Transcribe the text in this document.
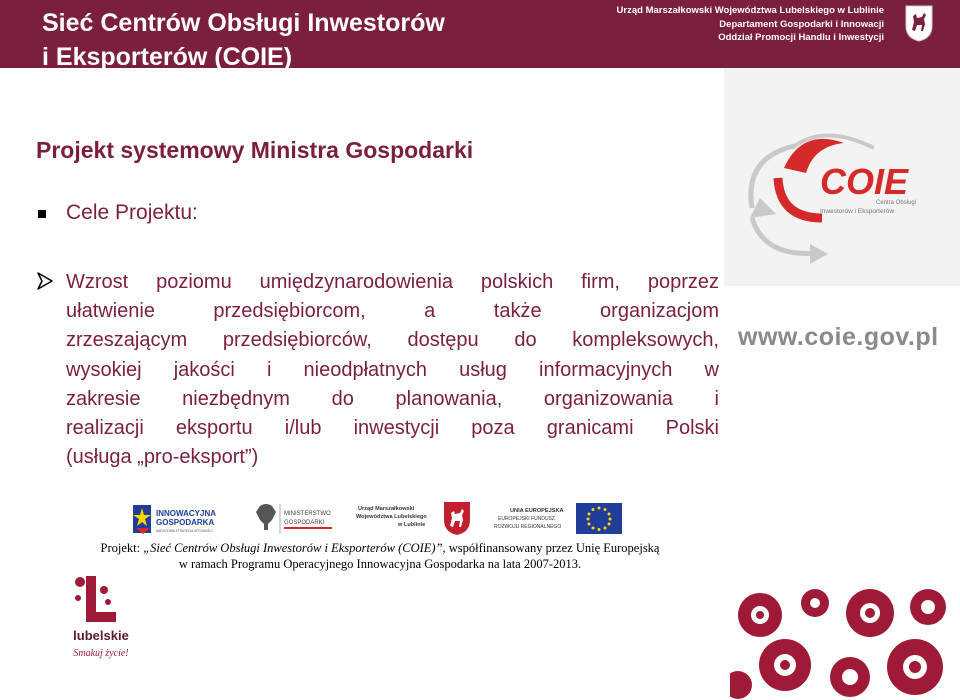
Sieć Centrów Obsługi Inwestorów
i Eksporterów (COIE)
Urząd Marszałkowski Województwa Lubelskiego w Lublinie
Departament Gospodarki i Innowacji
Oddział Promocji Handlu i Inwestycji
Projekt systemowy Ministra Gospodarki
Cele Projektu:
Wzrost poziomu umiędzynarodowienia polskich firm, poprzez
ułatwienie przedsiębiorcom, a także organizacjom
zrzeszającym przedsiębiorców, dostępu do kompleksowych,
wysokiej jakości i nieodpłatnych usług informacyjnych w
zakresie niezbędnym do planowania, organizowania i
realizacji eksportu i/lub inwestycji poza granicami Polski
(usługa „pro-eksport”)
COIE
Centra Obsługi
Inwestorów i Eksporterów
www.coie.gov.pl
INNOWACYJNA
GOSPODARKA
NARODOWA STRATEGIA SPÓJNOŚCI
MINISTERSTWO
GOSPODARKI
Urząd Marszałkowski
Województwa Lubelskiego
w Lublinie
UNIA EUROPEJSKA
EUROPEJSKI FUNDUSZ
ROZWOJU REGIONALNEGO
Projekt: „Sieć Centrów Obsługi Inwestorów i Eksporterów (COIE)”, współfinansowany przez Unię Europejską
w ramach Programu Operacyjnego Innowacyjna Gospodarka na lata 2007-2013.
lubelskie
Smakuj życie!
